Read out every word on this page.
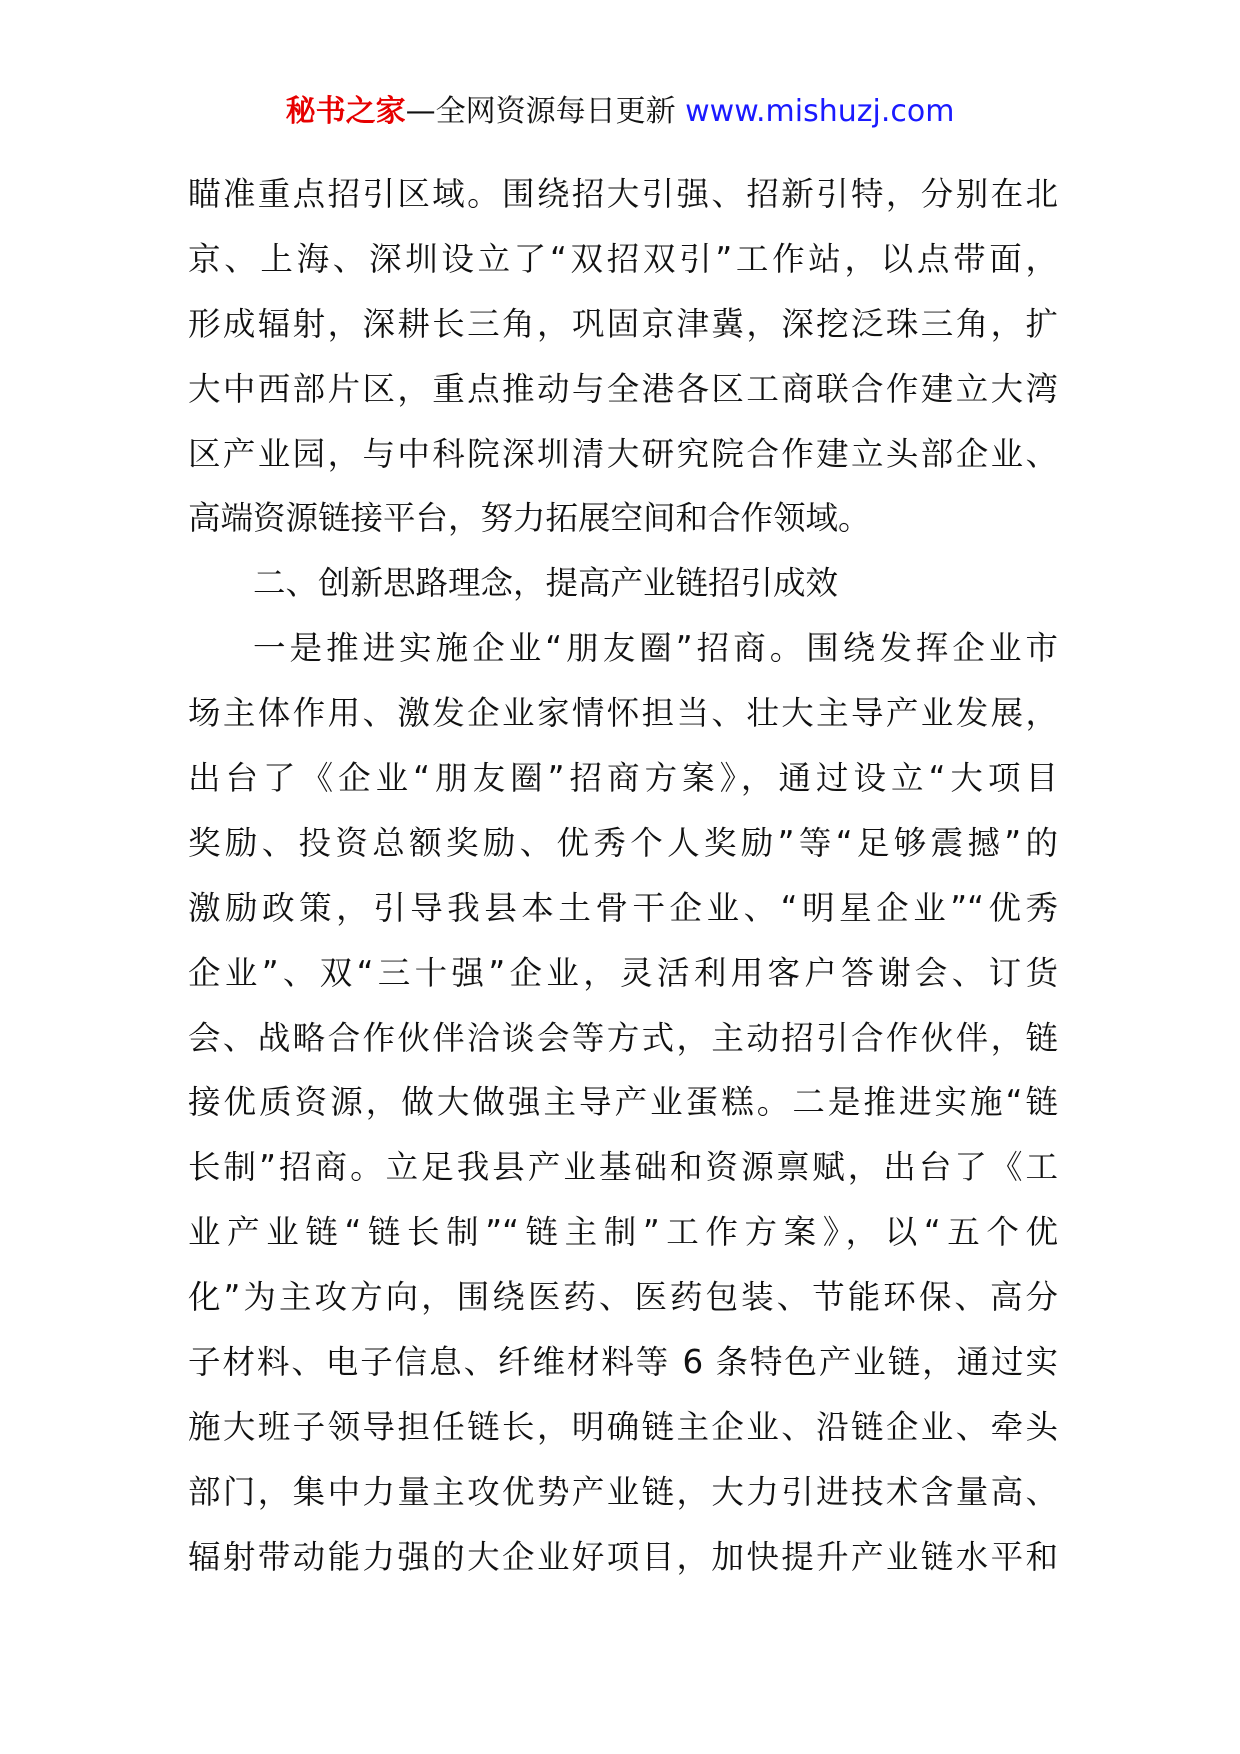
秘书之家—全网资源每日更新 www.mishuzj.com
瞄准重点招引区域。围绕招大引强、招新引特，分别在北
京、上海、深圳设立了“双招双引”工作站，以点带面，
形成辐射，深耕长三角，巩固京津冀，深挖泛珠三角，扩
大中西部片区，重点推动与全港各区工商联合作建立大湾
区产业园，与中科院深圳清大研究院合作建立头部企业、
高端资源链接平台，努力拓展空间和合作领域。
二、创新思路理念，提高产业链招引成效
一是推进实施企业“朋友圈”招商。围绕发挥企业市
场主体作用、激发企业家情怀担当、壮大主导产业发展，
出台了《企业“朋友圈”招商方案》，通过设立“大项目
奖励、投资总额奖励、优秀个人奖励”等“足够震撼”的
激励政策，引导我县本土骨干企业、“明星企业”“优秀
企业”、双“三十强”企业，灵活利用客户答谢会、订货
会、战略合作伙伴洽谈会等方式，主动招引合作伙伴，链
接优质资源，做大做强主导产业蛋糕。二是推进实施“链
长制”招商。立足我县产业基础和资源禀赋，出台了《工
业产业链“链长制”“链主制”工作方案》，以“五个优
化”为主攻方向，围绕医药、医药包装、节能环保、高分
子材料、电子信息、纤维材料等 6 条特色产业链，通过实
施大班子领导担任链长，明确链主企业、沿链企业、牵头
部门，集中力量主攻优势产业链，大力引进技术含量高、
辐射带动能力强的大企业好项目，加快提升产业链水平和
